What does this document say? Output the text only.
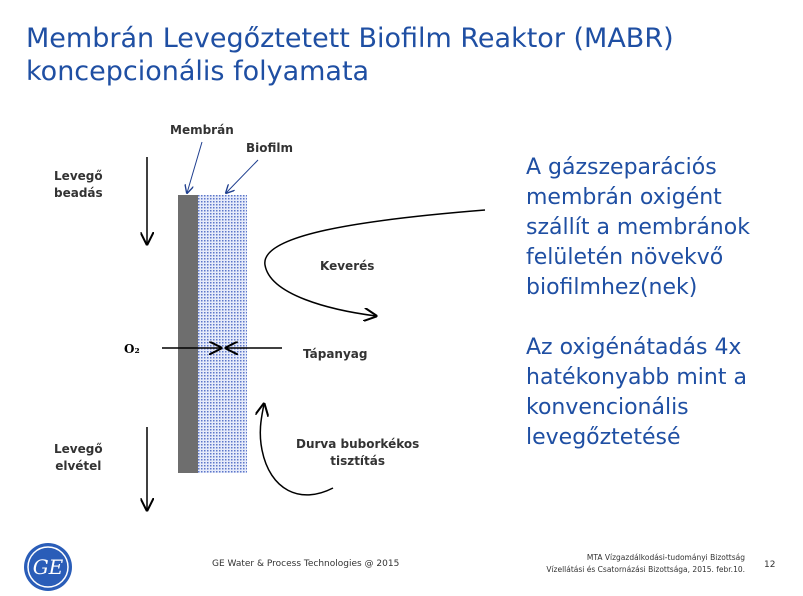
Membrán Levegőztetett Biofilm Reaktor (MABR)
koncepcionális folyamata
Membrán
Biofilm
Levegő
beadás
Levegő
elvétel
O₂	Tápanyag
Keverés
Durva buborkékos
tisztítás
A gázszeparációs
membrán oxigént
szállít a membránok
felületén növekvő
biofilmhez(nek)
Az oxigénátadás 4x
hatékonyabb mint a
konvencionális
levegőztetésé
GE	GE Water & Process Technologies @ 2015
MTA Vízgazdálkodási-tudományi Bizottság
Vízellátási és Csatornázási Bizottsága, 2015. febr.10. 12
